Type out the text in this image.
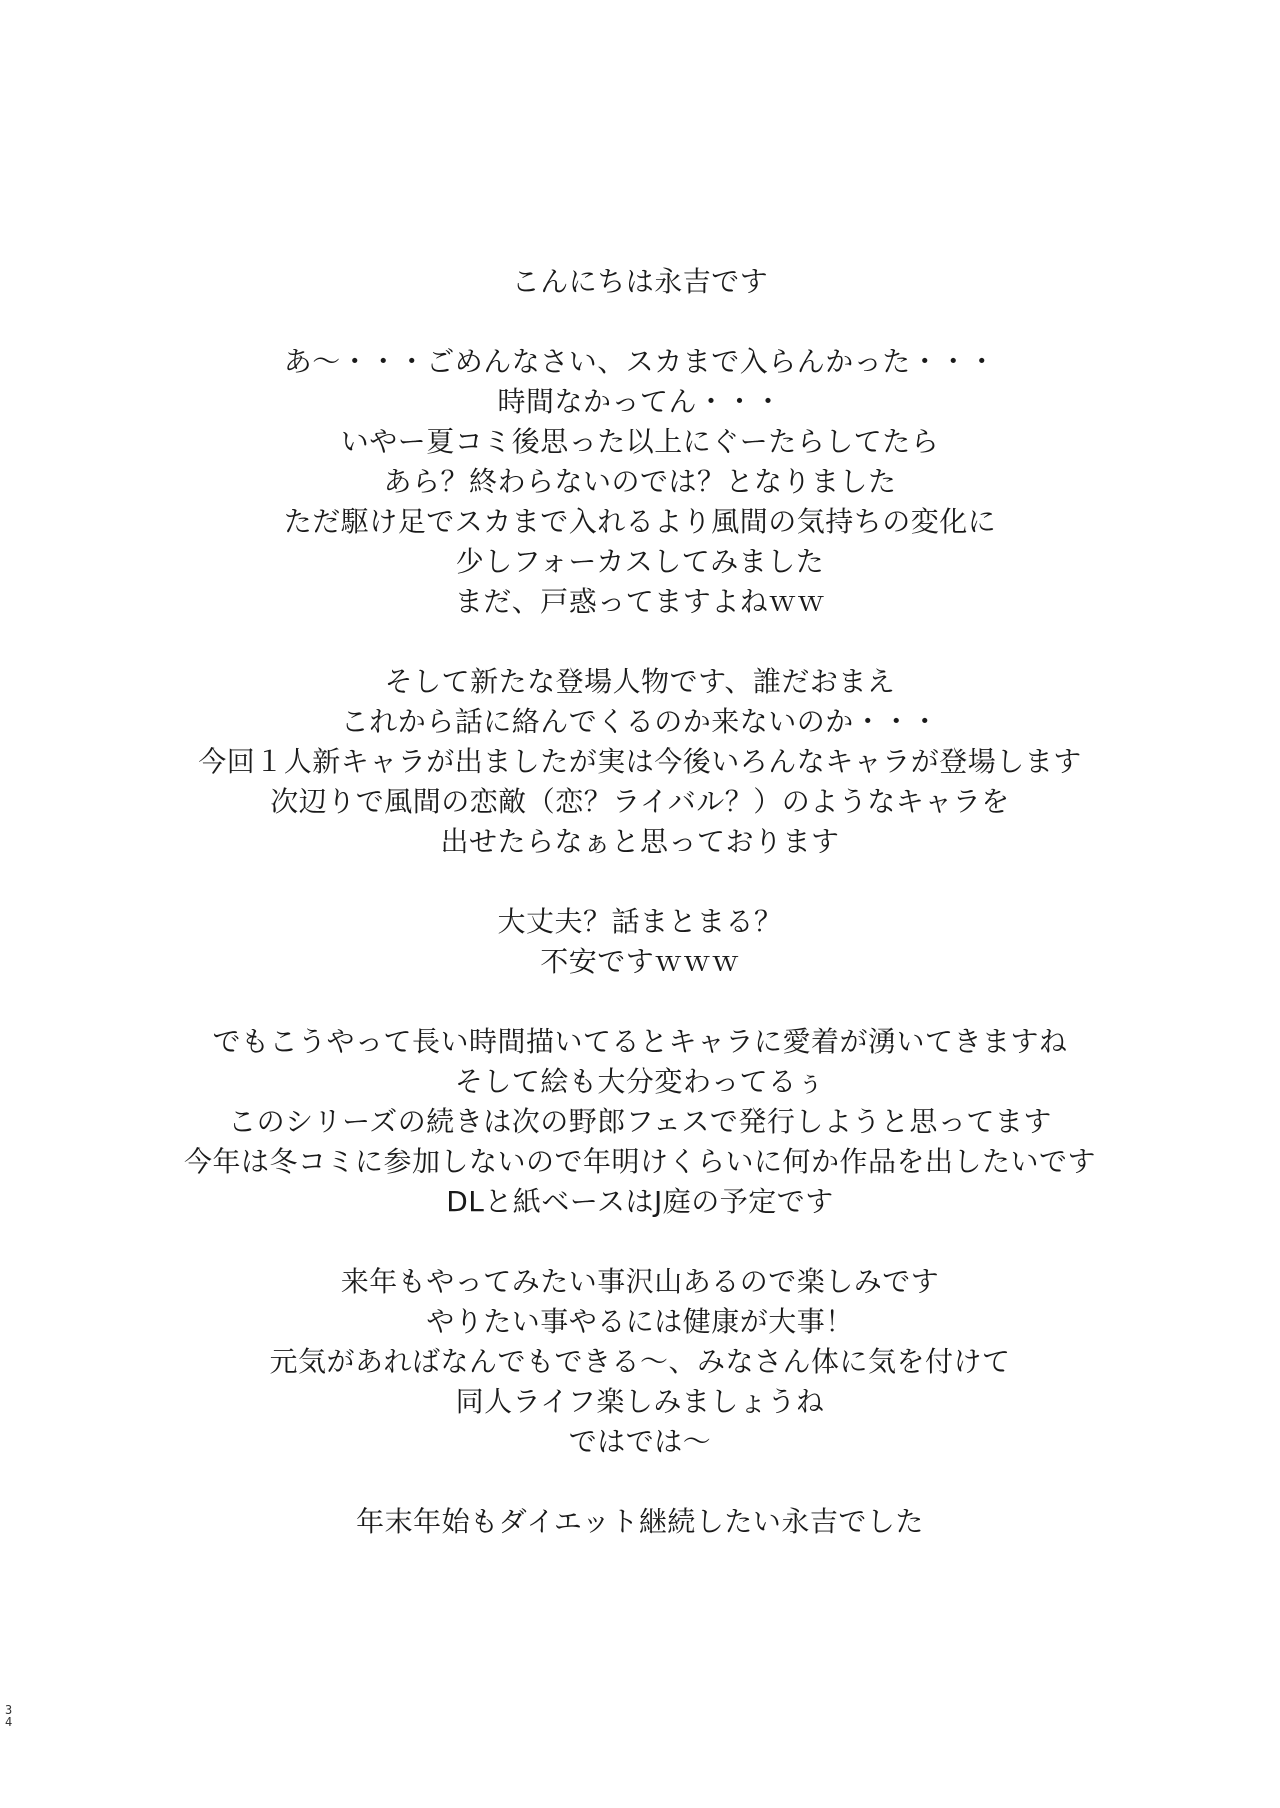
こんにちは永吉です

あ～・・・ごめんなさい、スカまで入らんかった・・・
時間なかってん・・・
いやー夏コミ後思った以上にぐーたらしてたら
あら？終わらないのでは？となりました
ただ駆け足でスカまで入れるより風間の気持ちの変化に
少しフォーカスしてみました
まだ、戸惑ってますよねｗｗ

そして新たな登場人物です、誰だおまえ
これから話に絡んでくるのか来ないのか・・・
今回１人新キャラが出ましたが実は今後いろんなキャラが登場します
次辺りで風間の恋敵（恋？ライバル？）のようなキャラを
出せたらなぁと思っております

大丈夫？話まとまる？
不安ですｗｗｗ

でもこうやって長い時間描いてるとキャラに愛着が湧いてきますね
そして絵も大分変わってるぅ
このシリーズの続きは次の野郎フェスで発行しようと思ってます
今年は冬コミに参加しないので年明けくらいに何か作品を出したいです
DLと紙ベースはJ庭の予定です

来年もやってみたい事沢山あるので楽しみです
やりたい事やるには健康が大事！
元気があればなんでもできる～、みなさん体に気を付けて
同人ライフ楽しみましょうね
ではでは～

年末年始もダイエット継続したい永吉でした

3
4
